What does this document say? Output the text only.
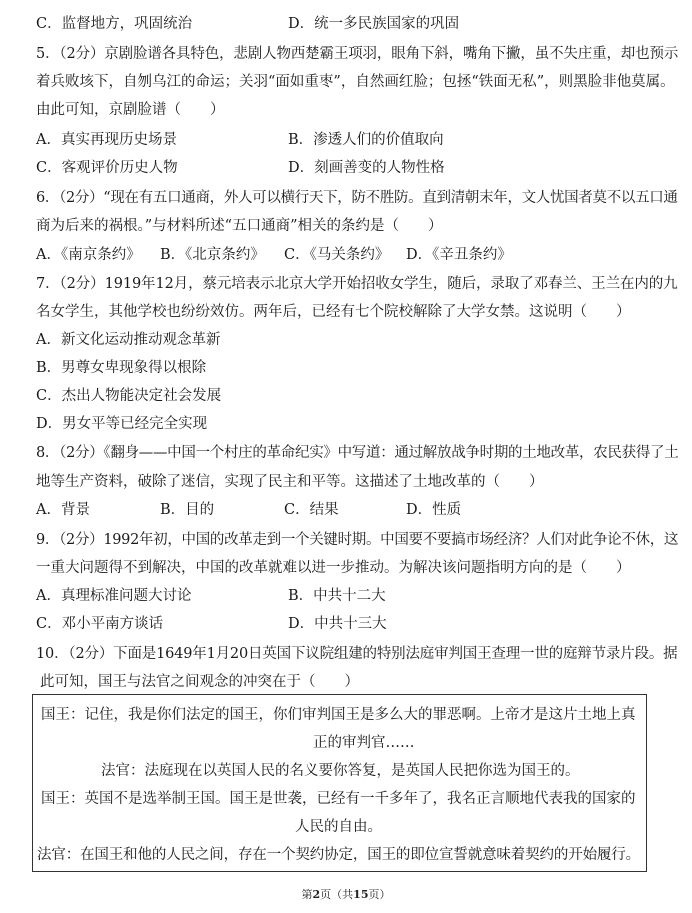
C．监督地方，巩固统治	D．统一多民族国家的巩固
5．（2分）京剧脸谱各具特色，悲剧人物西楚霸王项羽，眼角下斜，嘴角下撇，虽不失庄重，却也预示
着兵败垓下，自刎乌江的命运；关羽“面如重枣”，自然画红脸；包拯“铁面无私”，则黑脸非他莫属。
由此可知，京剧脸谱（　　）
A．真实再现历史场景	B．渗透人们的价值取向
C．客观评价历史人物	D．刻画善变的人物性格
6．（2分）“现在有五口通商，外人可以横行天下，防不胜防。直到清朝末年，文人忧国者莫不以五口通
商为后来的祸根。”与材料所述“五口通商”相关的条约是（　　）
A．《南京条约》 B．《北京条约》 C．《马关条约》 D．《辛丑条约》
7．（2分）1919年12月，蔡元培表示北京大学开始招收女学生，随后，录取了邓春兰、王兰在内的九
名女学生，其他学校也纷纷效仿。两年后，已经有七个院校解除了大学女禁。这说明（　　）
A．新文化运动推动观念革新
B．男尊女卑现象得以根除
C．杰出人物能决定社会发展
D．男女平等已经完全实现
8．（2分）《翻身——中国一个村庄的革命纪实》中写道：通过解放战争时期的土地改革，农民获得了土
地等生产资料，破除了迷信，实现了民主和平等。这描述了土地改革的（　　）
A．背景	B．目的	C．结果	D．性质
9．（2分）1992年初，中国的改革走到一个关键时期。中国要不要搞市场经济？人们对此争论不休，这
一重大问题得不到解决，中国的改革就难以进一步推动。为解决该问题指明方向的是（　　）
A．真理标准问题大讨论	B．中共十二大
C．邓小平南方谈话	D．中共十三大
10．（2分）下面是1649年1月20日英国下议院组建的特别法庭审判国王查理一世的庭辩节录片段。据
此可知，国王与法官之间观念的冲突在于（　　）
国王：记住，我是你们法定的国王，你们审判国王是多么大的罪恶啊。上帝才是这片土地上真
正的审判官……
法官：法庭现在以英国人民的名义要你答复，是英国人民把你选为国王的。
国王：英国不是选举制王国。国王是世袭，已经有一千多年了，我名正言顺地代表我的国家的
人民的自由。
法官：在国王和他的人民之间，存在一个契约协定，国王的即位宣誓就意味着契约的开始履行。
第2页（共15页）
